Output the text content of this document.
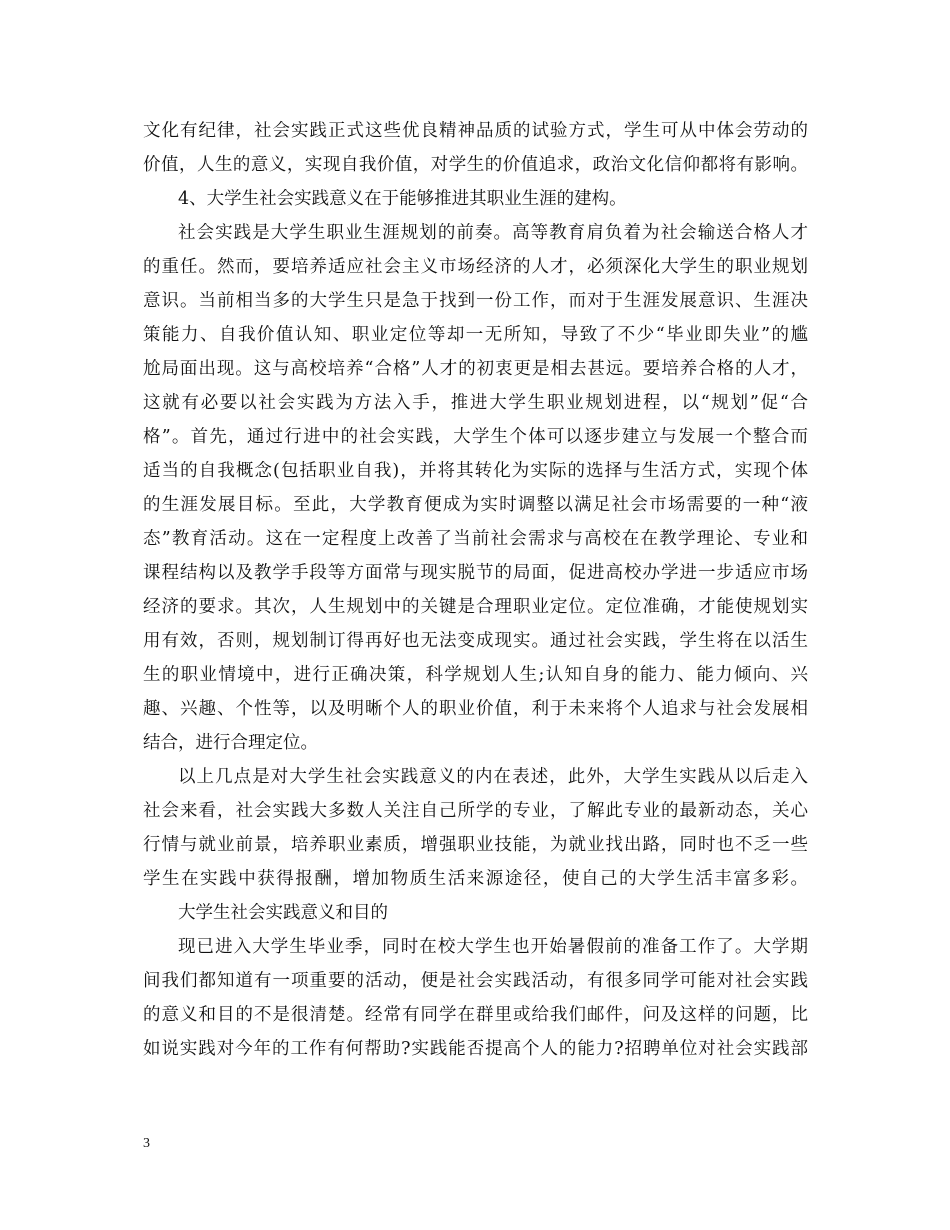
文化有纪律，社会实践正式这些优良精神品质的试验方式，学生可从中体会劳动的
价值，人生的意义，实现自我价值，对学生的价值追求，政治文化信仰都将有影响。
4、大学生社会实践意义在于能够推进其职业生涯的建构。
社会实践是大学生职业生涯规划的前奏。高等教育肩负着为社会输送合格人才
的重任。然而，要培养适应社会主义市场经济的人才，必须深化大学生的职业规划
意识。当前相当多的大学生只是急于找到一份工作，而对于生涯发展意识、生涯决
策能力、自我价值认知、职业定位等却一无所知，导致了不少“毕业即失业”的尴
尬局面出现。这与高校培养“合格”人才的初衷更是相去甚远。要培养合格的人才，
这就有必要以社会实践为方法入手，推进大学生职业规划进程，以“规划”促“合
格”。首先，通过行进中的社会实践，大学生个体可以逐步建立与发展一个整合而
适当的自我概念(包括职业自我)，并将其转化为实际的选择与生活方式，实现个体
的生涯发展目标。至此，大学教育便成为实时调整以满足社会市场需要的一种“液
态”教育活动。这在一定程度上改善了当前社会需求与高校在在教学理论、专业和
课程结构以及教学手段等方面常与现实脱节的局面，促进高校办学进一步适应市场
经济的要求。其次，人生规划中的关键是合理职业定位。定位准确，才能使规划实
用有效，否则，规划制订得再好也无法变成现实。通过社会实践，学生将在以活生
生的职业情境中，进行正确决策，科学规划人生;认知自身的能力、能力倾向、兴
趣、兴趣、个性等，以及明晰个人的职业价值，利于未来将个人追求与社会发展相
结合，进行合理定位。
以上几点是对大学生社会实践意义的内在表述，此外，大学生实践从以后走入
社会来看，社会实践大多数人关注自己所学的专业，了解此专业的最新动态，关心
行情与就业前景，培养职业素质，增强职业技能，为就业找出路，同时也不乏一些
学生在实践中获得报酬，增加物质生活来源途径，使自己的大学生活丰富多彩。
大学生社会实践意义和目的
现已进入大学生毕业季，同时在校大学生也开始暑假前的准备工作了。大学期
间我们都知道有一项重要的活动，便是社会实践活动，有很多同学可能对社会实践
的意义和目的不是很清楚。经常有同学在群里或给我们邮件，问及这样的问题，比
如说实践对今年的工作有何帮助?实践能否提高个人的能力?招聘单位对社会实践部
3
